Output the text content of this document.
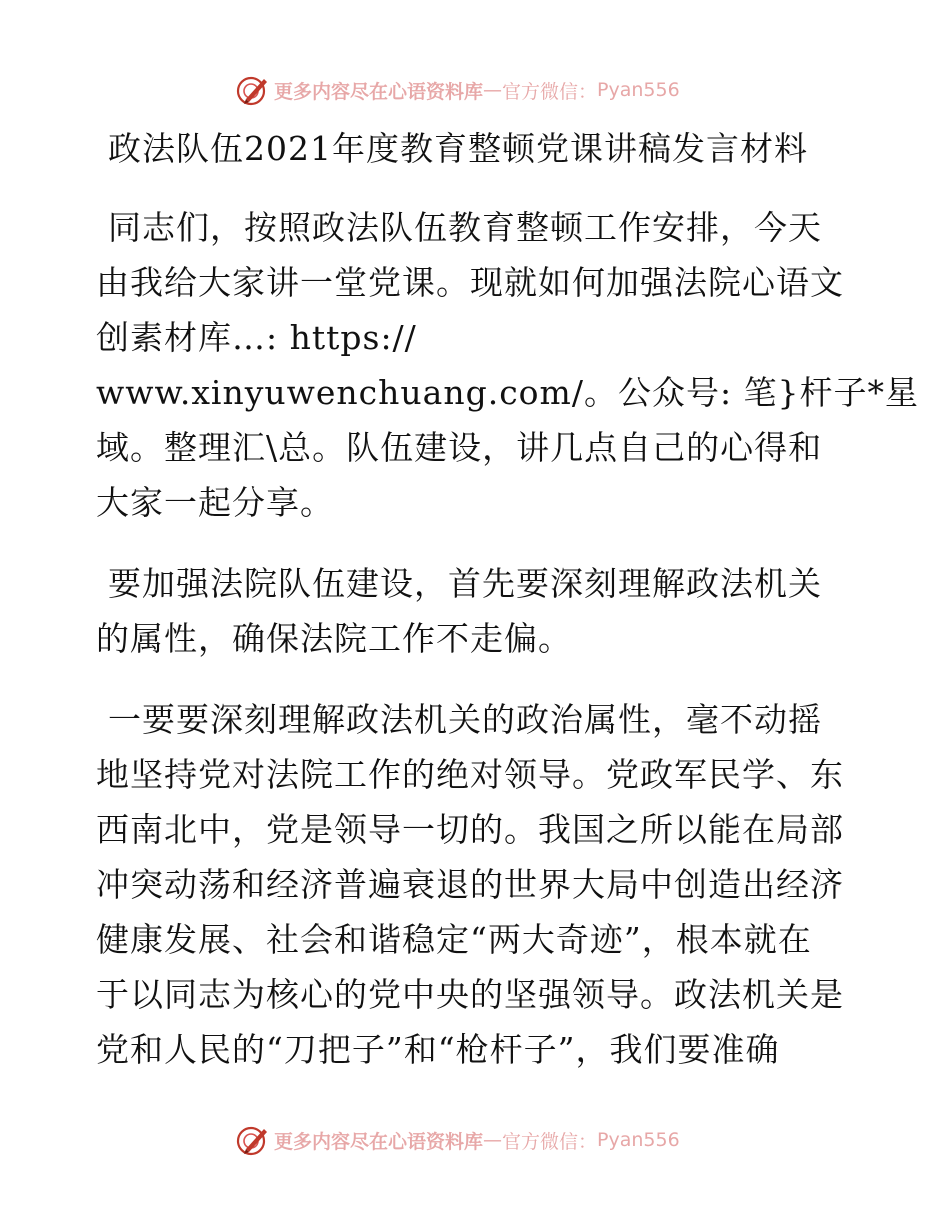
更多内容尽在心语资料库 — 官方微信： Pyan556
政法队伍2021年度教育整顿党课讲稿发言材料
同志们，按照政法队伍教育整顿工作安排，今天
由我给大家讲一堂党课。现就如何加强法院心语文
创素材库…: https://
www.xinyuwenchuang.com/。公众号: 笔}杆子*星
域。整理汇\总。队伍建设，讲几点自己的心得和
大家一起分享。
要加强法院队伍建设，首先要深刻理解政法机关
的属性，确保法院工作不走偏。
一要要深刻理解政法机关的政治属性，毫不动摇
地坚持党对法院工作的绝对领导。党政军民学、东
西南北中，党是领导一切的。我国之所以能在局部
冲突动荡和经济普遍衰退的世界大局中创造出经济
健康发展、社会和谐稳定“两大奇迹”，根本就在
于以同志为核心的党中央的坚强领导。政法机关是
党和人民的“刀把子”和“枪杆子”，我们要准确
更多内容尽在心语资料库 — 官方微信： Pyan556
